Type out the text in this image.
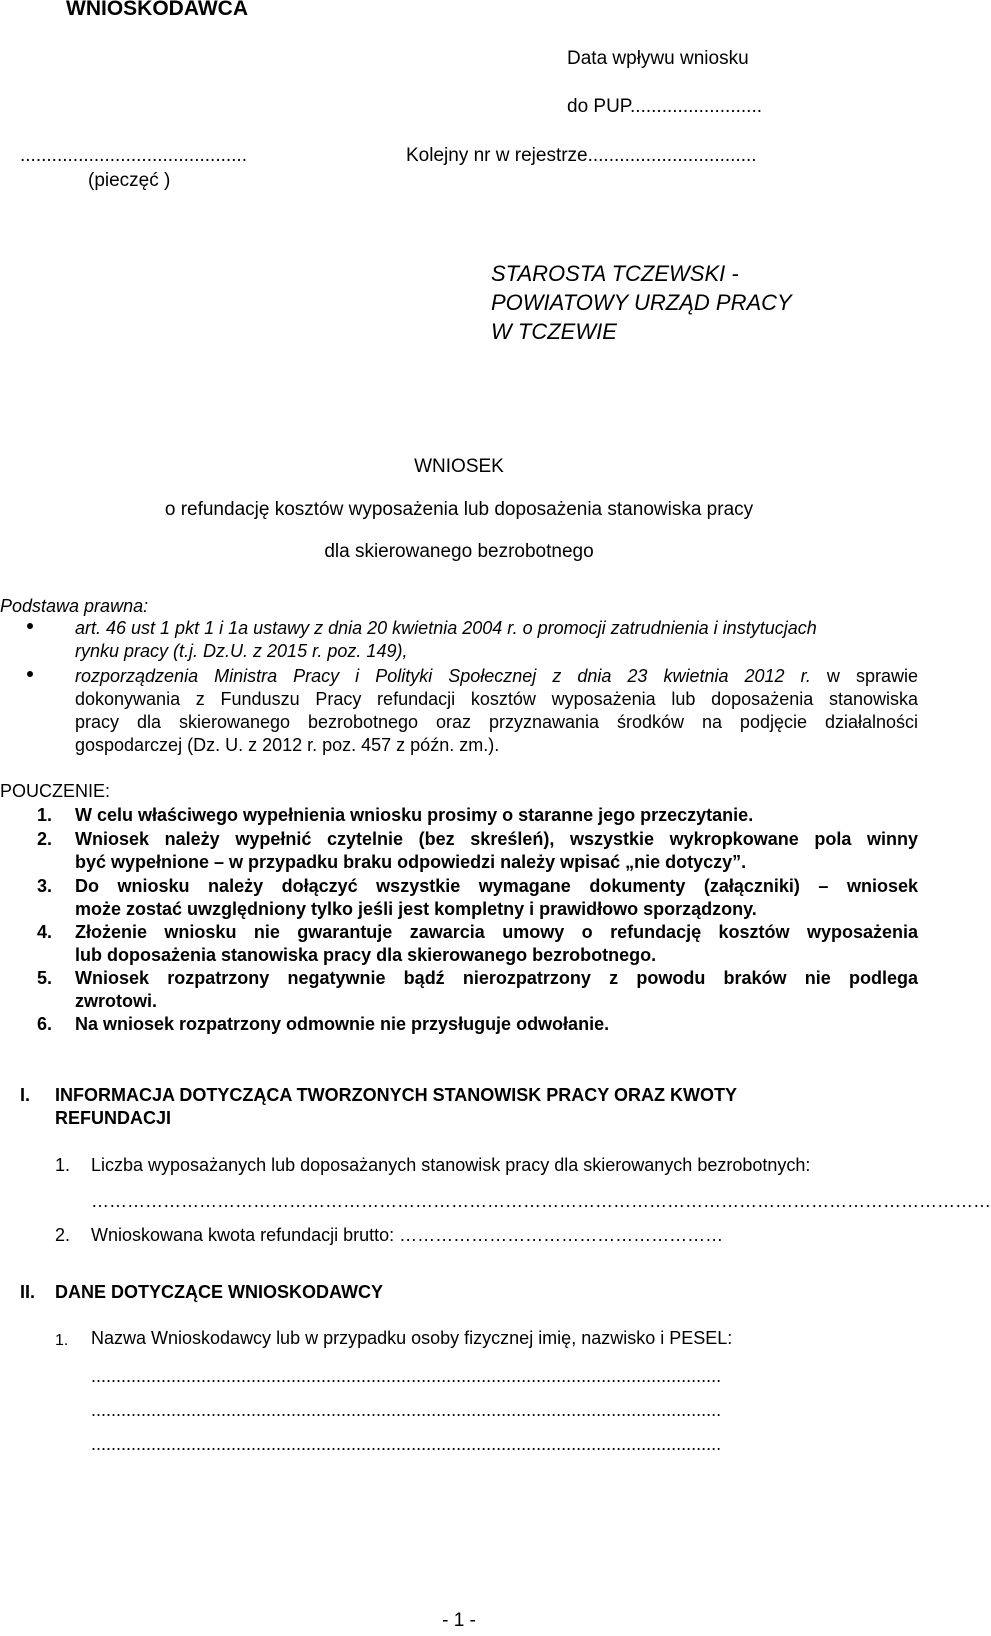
WNIOSKODAWCA
Data wpływu wniosku
do PUP.........................
...........................................	Kolejny nr w rejestrze................................
(pieczęć )
STAROSTA TCZEWSKI -
POWIATOWY URZĄD PRACY
W TCZEWIE
WNIOSEK
o refundację kosztów wyposażenia lub doposażenia stanowiska pracy
dla skierowanego bezrobotnego
Podstawa prawna:
art. 46 ust 1 pkt 1 i 1a ustawy z dnia 20 kwietnia 2004 r. o promocji zatrudnienia i instytucjach
rynku pracy (t.j. Dz.U. z 2015 r. poz. 149),
rozporządzenia Ministra Pracy i Polityki Społecznej z dnia 23 kwietnia 2012 r. w sprawie
dokonywania z Funduszu Pracy refundacji kosztów wyposażenia lub doposażenia stanowiska
pracy dla skierowanego bezrobotnego oraz przyznawania środków na podjęcie działalności
gospodarczej (Dz. U. z 2012 r. poz. 457 z późn. zm.).
POUCZENIE:
1. W celu właściwego wypełnienia wniosku prosimy o staranne jego przeczytanie.
2. Wniosek należy wypełnić czytelnie (bez skreśleń), wszystkie wykropkowane pola winny
być wypełnione – w przypadku braku odpowiedzi należy wpisać „nie dotyczy”.
3. Do wniosku należy dołączyć wszystkie wymagane dokumenty (załączniki) – wniosek
może zostać uwzględniony tylko jeśli jest kompletny i prawidłowo sporządzony.
4. Złożenie wniosku nie gwarantuje zawarcia umowy o refundację kosztów wyposażenia
lub doposażenia stanowiska pracy dla skierowanego bezrobotnego.
5. Wniosek rozpatrzony negatywnie bądź nierozpatrzony z powodu braków nie podlega
zwrotowi.
6. Na wniosek rozpatrzony odmownie nie przysługuje odwołanie.
I. INFORMACJA DOTYCZĄCA TWORZONYCH STANOWISK PRACY ORAZ KWOTY
REFUNDACJI
1. Liczba wyposażanych lub doposażanych stanowisk pracy dla skierowanych bezrobotnych:
……………………………………………………………………………………………………………………………………
2. Wnioskowana kwota refundacji brutto: ………………………………………………
II. DANE DOTYCZĄCE WNIOSKODAWCY
1. Nazwa Wnioskodawcy lub w przypadku osoby fizycznej imię, nazwisko i PESEL:
..............................................................................................................................
..............................................................................................................................
..............................................................................................................................
- 1 -
